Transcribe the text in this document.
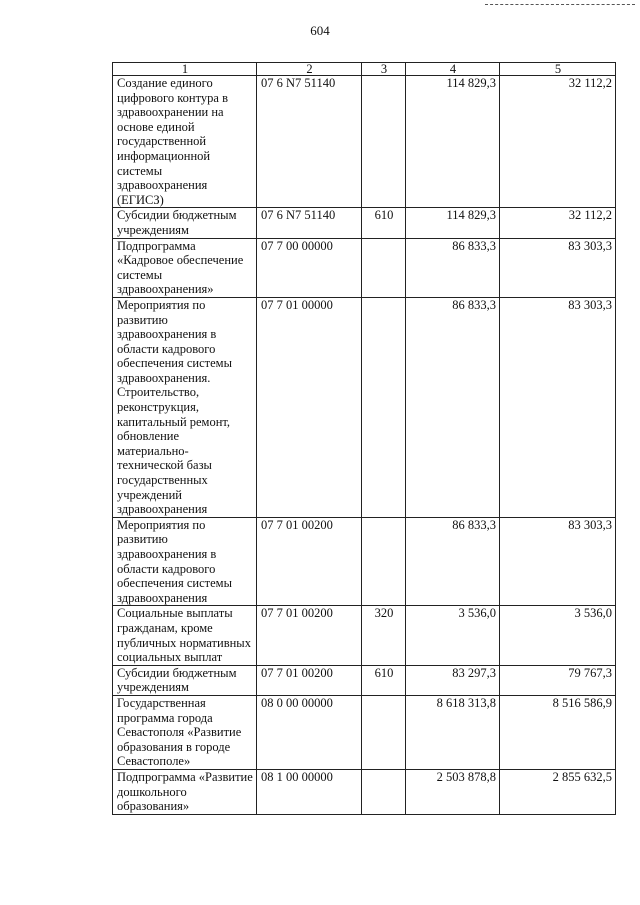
604
1	2	3	4	5
Создание единого цифрового контура в здравоохранении на основе единой государственной информационной системы здравоохранения (ЕГИСЗ)	07 6 N7 51140		114 829,3	32 112,2
Субсидии бюджетным учреждениям	07 6 N7 51140	610	114 829,3	32 112,2
Подпрограмма «Кадровое обеспечение системы здравоохранения»	07 7 00 00000		86 833,3	83 303,3
Мероприятия по развитию здравоохранения в области кадрового обеспечения системы здравоохранения. Строительство, реконструкция, капитальный ремонт, обновление материально-технической базы государственных учреждений здравоохранения	07 7 01 00000		86 833,3	83 303,3
Мероприятия по развитию здравоохранения в области кадрового обеспечения системы здравоохранения	07 7 01 00200		86 833,3	83 303,3
Социальные выплаты гражданам, кроме публичных нормативных социальных выплат	07 7 01 00200	320	3 536,0	3 536,0
Субсидии бюджетным учреждениям	07 7 01 00200	610	83 297,3	79 767,3
Государственная программа города Севастополя «Развитие образования в городе Севастополе»	08 0 00 00000		8 618 313,8	8 516 586,9
Подпрограмма «Развитие дошкольного образования»	08 1 00 00000		2 503 878,8	2 855 632,5
